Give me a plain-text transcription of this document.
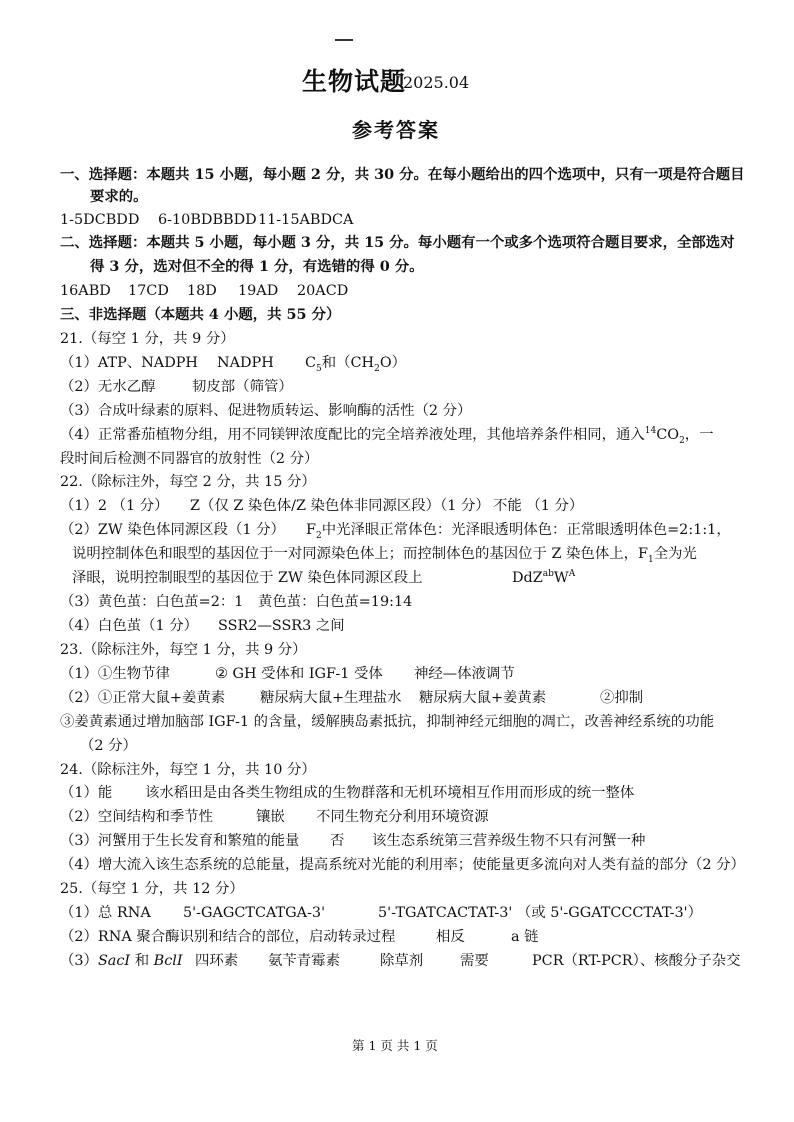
生物试题
2025.04
参考答案
一、选择题：本题共 15 小题，每小题 2 分，共 30 分。在每小题给出的四个选项中，只有一项是符合题目
要求的。
1-5DCBDD 6-10BDBBDD 11-15ABDCA
二、选择题：本题共 5 小题，每小题 3 分，共 15 分。每小题有一个或多个选项符合题目要求，全部选对
得 3 分，选对但不全的得 1 分，有选错的得 0 分。
16ABD 17CD 18D 19AD 20ACD
三、非选择题（本题共 4 小题，共 55 分）
21.（每空 1 分，共 9 分）
（1）ATP、NADPH NADPH $C_5$和$(CH_2O)$
（2）无水乙醇	韧皮部（筛管）
（3）合成叶绿素的原料、促进物质转运、影响酶的活性（2 分）
（4）正常番茄植物分组，用不同镁钾浓度配比的完全培养液处理，其他培养条件相同，通入$^{14}CO_2$，一
段时间后检测不同器官的放射性（2 分）
22.（除标注外，每空 2 分，共 15 分）
（1）2 （1 分） Z（仅 Z 染色体/Z 染色体非同源区段）（1 分） 不能 （1 分）
（2）ZW 染色体同源区段（1 分） $F_2$中光泽眼正常体色：光泽眼透明体色：正常眼透明体色=2:1:1，
说明控制体色和眼型的基因位于一对同源染色体上；而控制体色的基因位于 Z 染色体上，$F_1$全为光
泽眼，说明控制眼型的基因位于 ZW 染色体同源区段上	$DdZ^{ab}W^A$
（3）黄色茧：白色茧=2：1 黄色茧：白色茧=19:14
（4）白色茧（1 分） SSR2—SSR3 之间
23.（除标注外，每空 1 分，共 9 分）
（1）①生物节律	② GH 受体和 IGF-1 受体 神经—体液调节
（2）①正常大鼠+姜黄素 糖尿病大鼠+生理盐水 糖尿病大鼠+姜黄素	②抑制
③姜黄素通过增加脑部 IGF-1 的含量，缓解胰岛素抵抗，抑制神经元细胞的凋亡，改善神经系统的功能
（2 分）
24.（除标注外，每空 1 分，共 10 分）
（1）能 该水稻田是由各类生物组成的生物群落和无机环境相互作用而形成的统一整体
（2）空间结构和季节性	镶嵌 不同生物充分利用环境资源
（3）河蟹用于生长发育和繁殖的能量 否 该生态系统第三营养级生物不只有河蟹一种
（4）增大流入该生态系统的总能量，提高系统对光能的利用率；使能量更多流向对人类有益的部分（2 分）
25.（每空 1 分，共 12 分）
（1）总 RNA 5'-GAGCTCATGA-3'	5'-TGATCACTAT-3' （或 5'-GGATCCCTAT-3'）
（2）RNA 聚合酶识别和结合的部位，启动转录过程	相反	a 链
（3）SacI 和 BclI 四环素 氨苄青霉素	除草剂	需要	PCR（RT-PCR）、核酸分子杂交
第 1 页 共 1 页
